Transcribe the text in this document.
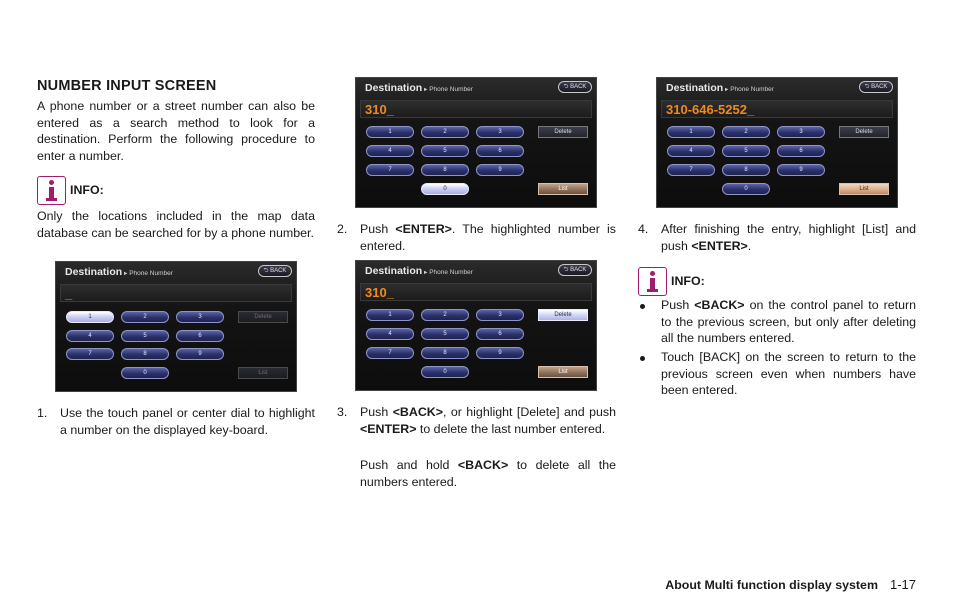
NUMBER INPUT SCREEN

A phone number or a street number can also be entered as a search method to look for a destination. Perform the following procedure to enter a number.

INFO:

Only the locations included in the map data database can be searched for by a phone number.

Destination ▸ Phone Number	⮌ BACK
_
1	2	3
4	5	6
7	8	9
0
Delete
List
1. Use the touch panel or center dial to highlight a number on the displayed key-board.
Destination ▸ Phone Number	⮌ BACK
310_
1	2	3
4	5	6
7	8	9
0
Delete
List
2. Push <ENTER>. The highlighted number is entered.
Destination ▸ Phone Number	⮌ BACK
310_
1	2	3
4	5	6
7	8	9
0
Delete
List
3. Push <BACK>, or highlight [Delete] and push <ENTER> to delete the last number entered.
Push and hold <BACK> to delete all the numbers entered.
Destination ▸ Phone Number	⮌ BACK
310-646-5252_
1	2	3
4	5	6
7	8	9
0
Delete
List
4. After finishing the entry, highlight [List] and push <ENTER>.
INFO:
Push <BACK> on the control panel to return to the previous screen, but only after deleting all the numbers entered.
Touch [BACK] on the screen to return to the previous screen even when numbers have been entered.
About Multi function display system 1-17
